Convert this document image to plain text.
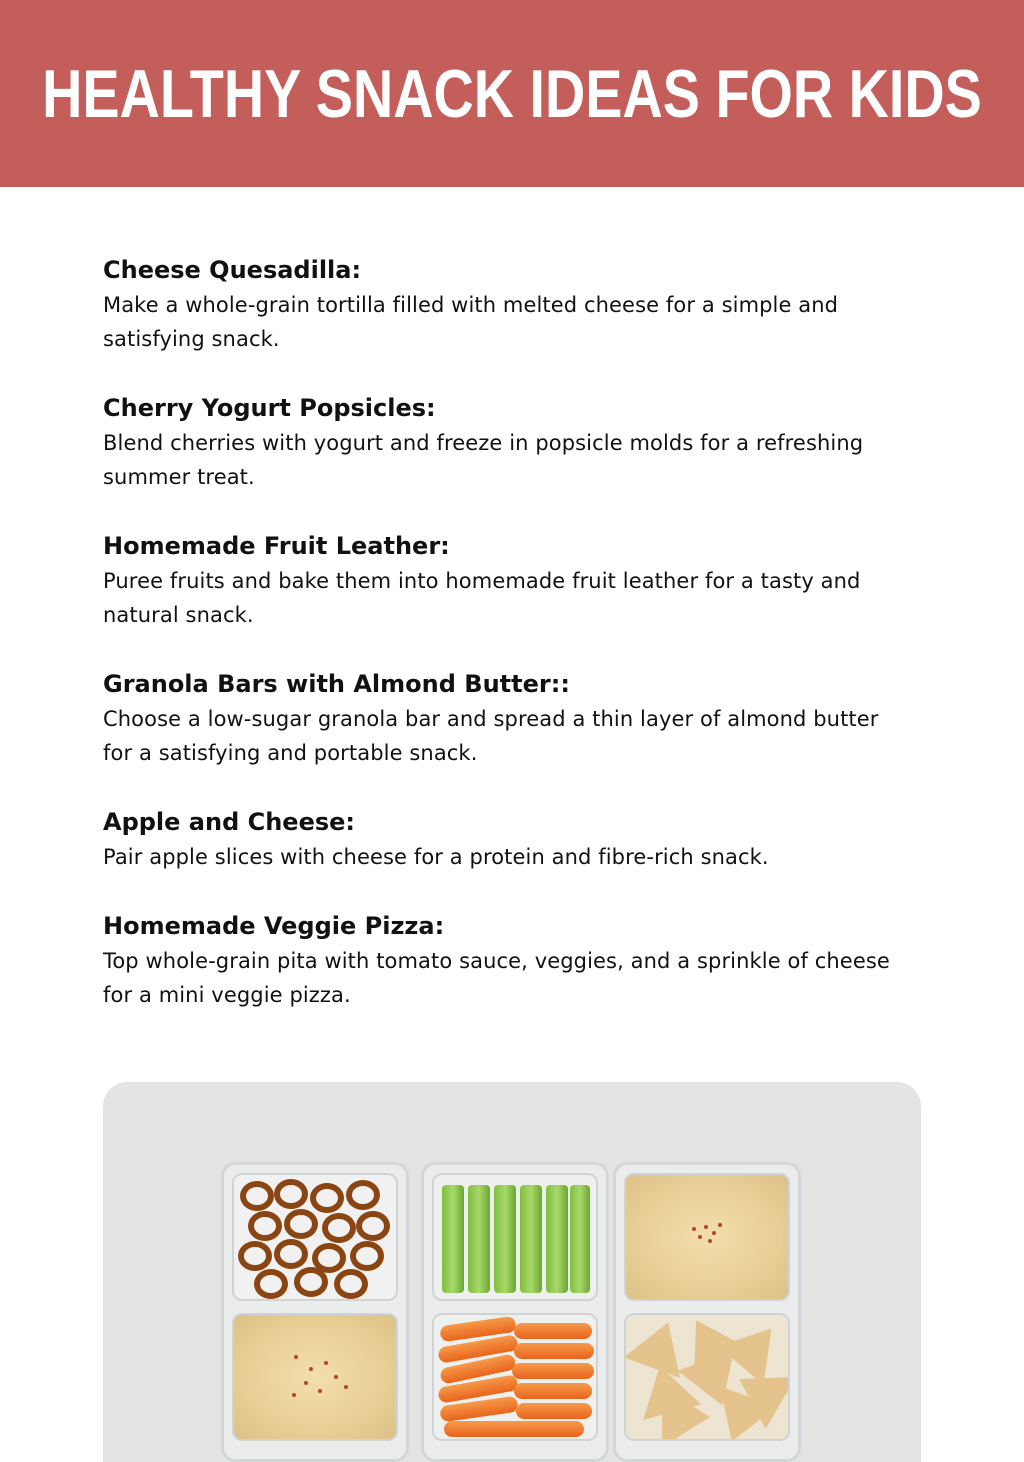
HEALTHY SNACK IDEAS FOR KIDS
Cheese Quesadilla:
Make a whole-grain tortilla filled with melted cheese for a simple and satisfying snack.
Cherry Yogurt Popsicles:
Blend cherries with yogurt and freeze in popsicle molds for a refreshing summer treat.
Homemade Fruit Leather:
Puree fruits and bake them into homemade fruit leather for a tasty and natural snack.
Granola Bars with Almond Butter::
Choose a low-sugar granola bar and spread a thin layer of almond butter for a satisfying and portable snack.
Apple and Cheese:
Pair apple slices with cheese for a protein and fibre-rich snack.
Homemade Veggie Pizza:
Top whole-grain pita with tomato sauce, veggies, and a sprinkle of cheese for a mini veggie pizza.
